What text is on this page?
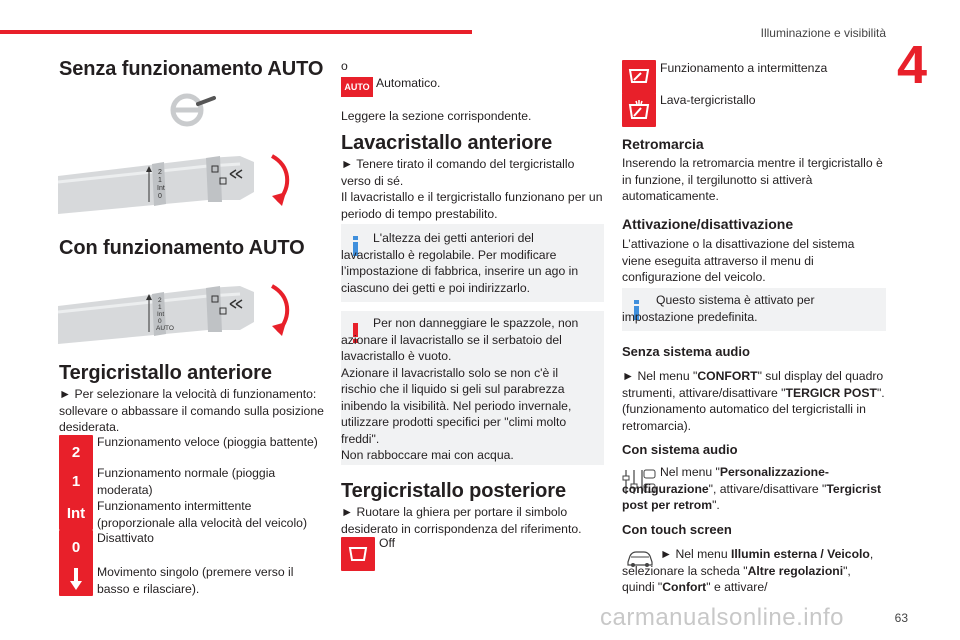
Illuminazione e visibilità
4
Senza funzionamento AUTO
2
1
Int
0
Con funzionamento AUTO
2
1
Int
0
AUTO
Tergicristallo anteriore
► Per selezionare la velocità di funzionamento: sollevare o abbassare il comando sulla posizione desiderata.
2
Funzionamento veloce (pioggia battente)
1	Funzionamento normale (pioggia moderata)
Int Funzionamento intermittente (proporzionale alla velocità del veicolo)
0
Disattivato
Movimento singolo (premere verso il basso e rilasciare).
o
AUTO Automatico.
Leggere la sezione corrispondente.
Lavacristallo anteriore
► Tenere tirato il comando del tergicristallo verso di sé.
Il lavacristallo e il tergicristallo funzionano per un periodo di tempo prestabilito.
L'altezza dei getti anteriori del lavacristallo è regolabile. Per modificare l’impostazione di fabbrica, inserire un ago in ciascuno dei getti e poi indirizzarlo.
Per non danneggiare le spazzole, non azionare il lavacristallo se il serbatoio del lavacristallo è vuoto.
Azionare il lavacristallo solo se non c'è il rischio che il liquido si geli sul parabrezza inibendo la visibilità. Nel periodo invernale, utilizzare prodotti specifici per "climi molto freddi".
Non rabboccare mai con acqua.
Tergicristallo posteriore
► Ruotare la ghiera per portare il simbolo desiderato in corrispondenza del riferimento.
Off
Funzionamento a intermittenza
Lava-tergicristallo
Retromarcia
Inserendo la retromarcia mentre il tergicristallo è in funzione, il tergilunotto si attiverà automaticamente.
Attivazione/disattivazione
L’attivazione o la disattivazione del sistema viene eseguita attraverso il menu di configurazione del veicolo.
Questo sistema è attivato per impostazione predefinita.
Senza sistema audio
► Nel menu "CONFORT" sul display del quadro strumenti, attivare/disattivare "TERGICR POST". (funzionamento automatico del tergicristalli in retromarcia).
Con sistema audio
Nel menu "Personalizzazione-configurazione", attivare/disattivare "Tergicrist post per retrom".
Con touch screen
► Nel menu Illumin esterna / Veicolo, selezionare la scheda "Altre regolazioni", quindi "Confort" e attivare/
carmanualsonline.info	63
